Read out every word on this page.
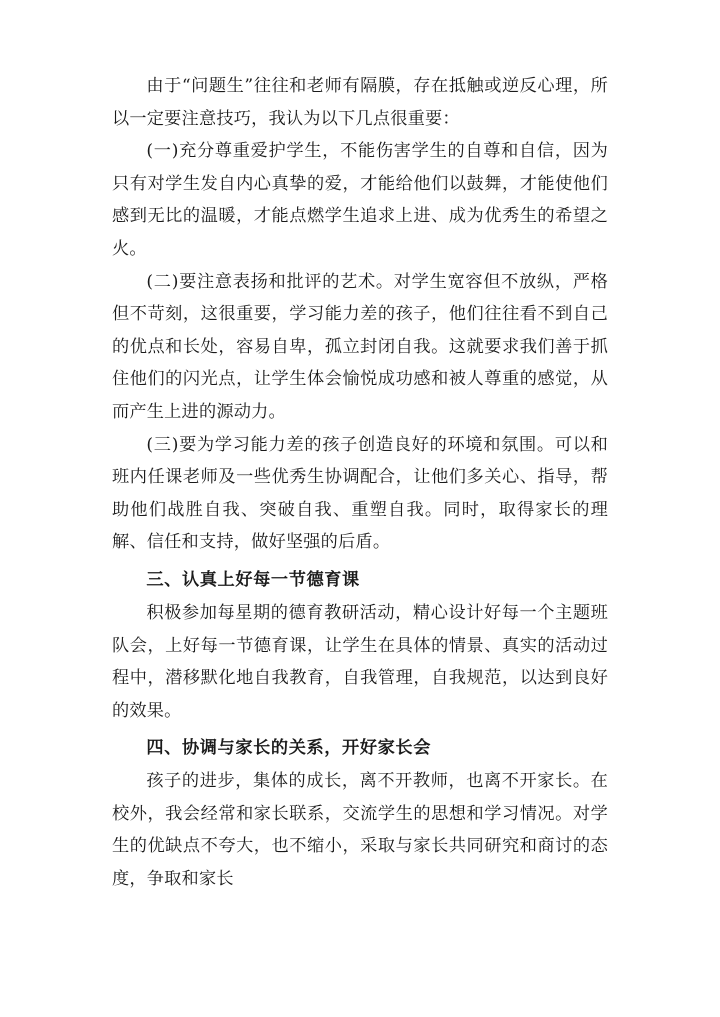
由于“问题生”往往和老师有隔膜，存在抵触或逆反心理，所以一定要注意技巧，我认为以下几点很重要：

(一)充分尊重爱护学生，不能伤害学生的自尊和自信，因为只有对学生发自内心真挚的爱，才能给他们以鼓舞，才能使他们感到无比的温暖，才能点燃学生追求上进、成为优秀生的希望之火。

(二)要注意表扬和批评的艺术。对学生宽容但不放纵，严格但不苛刻，这很重要，学习能力差的孩子，他们往往看不到自己的优点和长处，容易自卑，孤立封闭自我。这就要求我们善于抓住他们的闪光点，让学生体会愉悦成功感和被人尊重的感觉，从而产生上进的源动力。

(三)要为学习能力差的孩子创造良好的环境和氛围。可以和班内任课老师及一些优秀生协调配合，让他们多关心、指导，帮助他们战胜自我、突破自我、重塑自我。同时，取得家长的理解、信任和支持，做好坚强的后盾。

三、认真上好每一节德育课

积极参加每星期的德育教研活动，精心设计好每一个主题班队会，上好每一节德育课，让学生在具体的情景、真实的活动过程中，潜移默化地自我教育，自我管理，自我规范，以达到良好的效果。

四、协调与家长的关系，开好家长会

孩子的进步，集体的成长，离不开教师，也离不开家长。在校外，我会经常和家长联系，交流学生的思想和学习情况。对学生的优缺点不夸大，也不缩小，采取与家长共同研究和商讨的态度，争取和家长
